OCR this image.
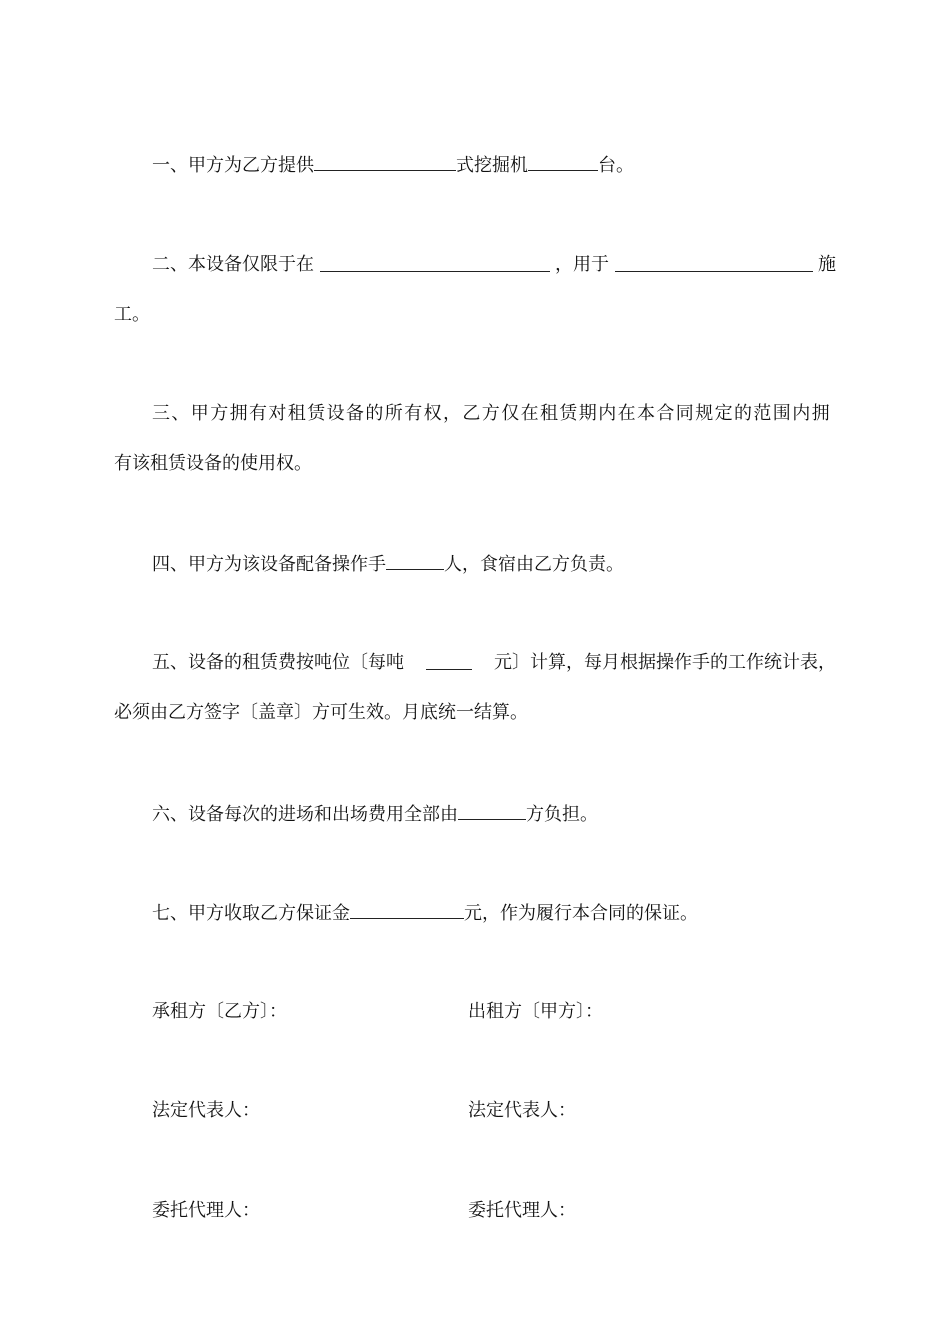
一、甲方为乙方提供	式挖掘机	台。
二、本设备仅限于在	，用于	施
工。
三、甲方拥有对租赁设备的所有权，乙方仅在租赁期内在本合同规定的范围内拥
有该租赁设备的使用权。
四、甲方为该设备配备操作手	人，食宿由乙方负责。
五、设备的租赁费按吨位〔每吨	元〕计算，每月根据操作手的工作统计表，
必须由乙方签字〔盖章〕方可生效。月底统一结算。
六、设备每次的进场和出场费用全部由	方负担。
七、甲方收取乙方保证金	元，作为履行本合同的保证。
承租方〔乙方〕：	出租方〔甲方〕：
法定代表人：	法定代表人：
委托代理人：	委托代理人：
